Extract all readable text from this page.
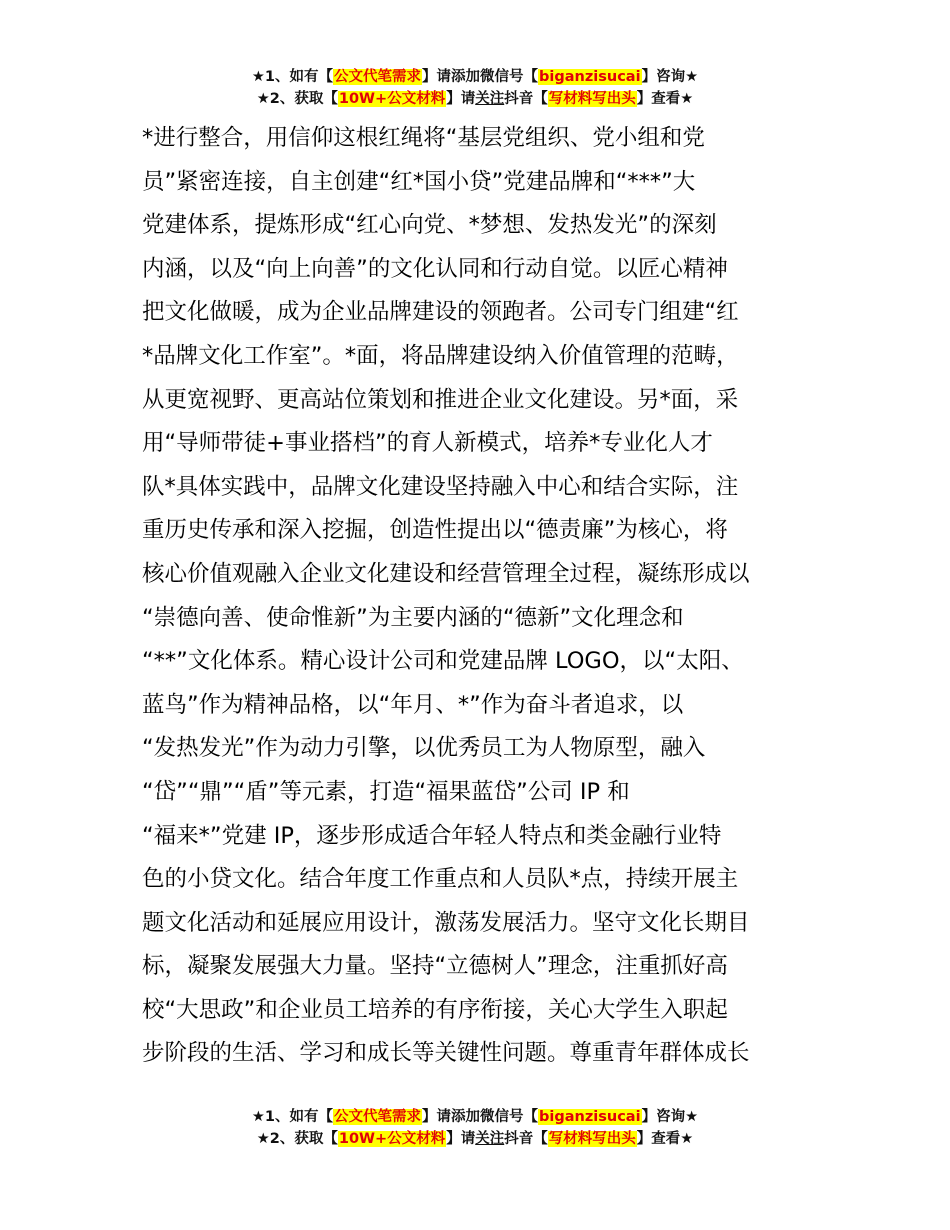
★1、如有【公文代笔需求】请添加微信号【biganzisucai】咨询★
★2、获取【10W+公文材料】请关注抖音【写材料写出头】查看★
*进行整合，用信仰这根红绳将“基层党组织、党小组和党
员”紧密连接，自主创建“红*国小贷”党建品牌和“***”大
党建体系，提炼形成“红心向党、*梦想、发热发光”的深刻
内涵，以及“向上向善”的文化认同和行动自觉。以匠心精神
把文化做暖，成为企业品牌建设的领跑者。公司专门组建“红
*品牌文化工作室”。*面，将品牌建设纳入价值管理的范畴，
从更宽视野、更高站位策划和推进企业文化建设。另*面，采
用“导师带徒+事业搭档”的育人新模式，培养*专业化人才
队*具体实践中，品牌文化建设坚持融入中心和结合实际，注
重历史传承和深入挖掘，创造性提出以“德责廉”为核心，将
核心价值观融入企业文化建设和经营管理全过程，凝练形成以
“崇德向善、使命惟新”为主要内涵的“德新”文化理念和
“**”文化体系。精心设计公司和党建品牌 LOGO，以“太阳、
蓝鸟”作为精神品格，以“年月、*”作为奋斗者追求，以
“发热发光”作为动力引擎，以优秀员工为人物原型，融入
“岱”“鼎”“盾”等元素，打造“福果蓝岱”公司 IP 和
“福来*”党建 IP，逐步形成适合年轻人特点和类金融行业特
色的小贷文化。结合年度工作重点和人员队*点，持续开展主
题文化活动和延展应用设计，激荡发展活力。坚守文化长期目
标，凝聚发展强大力量。坚持“立德树人”理念，注重抓好高
校“大思政”和企业员工培养的有序衔接，关心大学生入职起
步阶段的生活、学习和成长等关键性问题。尊重青年群体成长
★1、如有【公文代笔需求】请添加微信号【biganzisucai】咨询★
★2、获取【10W+公文材料】请关注抖音【写材料写出头】查看★
